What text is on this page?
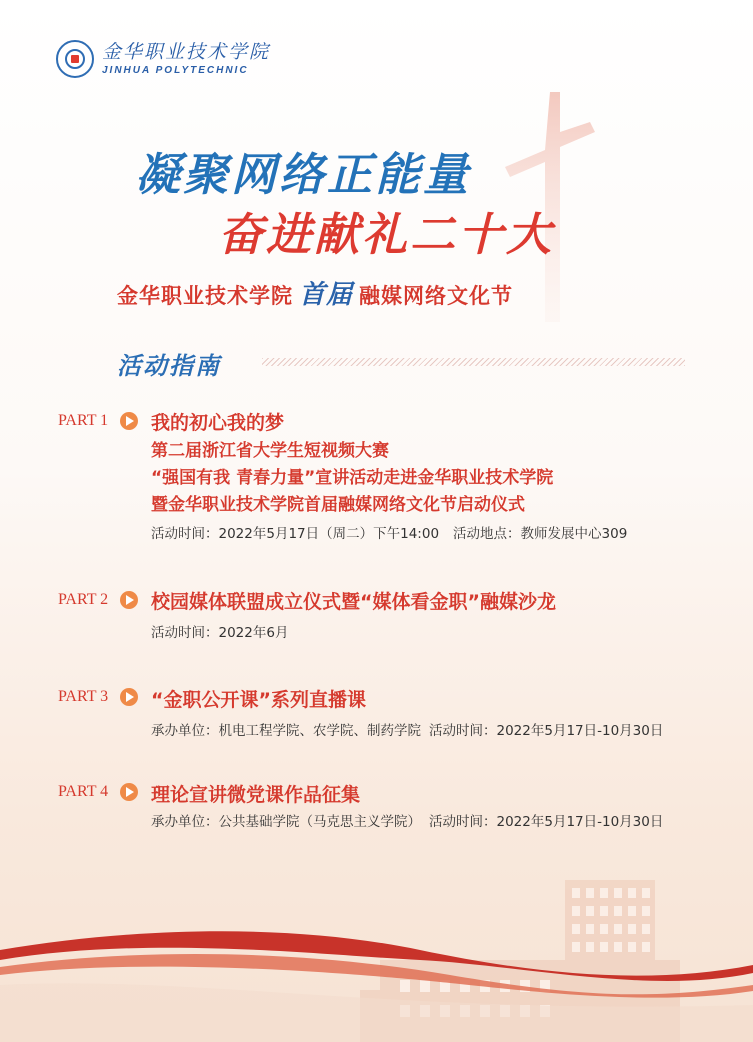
金华职业技术学院
JINHUA POLYTECHNIC
凝聚网络正能量
奋进献礼二十大
金华职业技术学院 首届 融媒网络文化节
活动指南
PART 1 我的初心我的梦
第二届浙江省大学生短视频大赛
“强国有我 青春力量”宣讲活动走进金华职业技术学院
暨金华职业技术学院首届融媒网络文化节启动仪式
活动时间：2022年5月17日（周二）下午14:00 活动地点：教师发展中心309
PART 2 校园媒体联盟成立仪式暨“媒体看金职”融媒沙龙
活动时间：2022年6月
PART 3 “金职公开课”系列直播课
承办单位：机电工程学院、农学院、制药学院 活动时间：2022年5月17日-10月30日
PART 4 理论宣讲微党课作品征集
承办单位：公共基础学院（马克思主义学院） 活动时间：2022年5月17日-10月30日
